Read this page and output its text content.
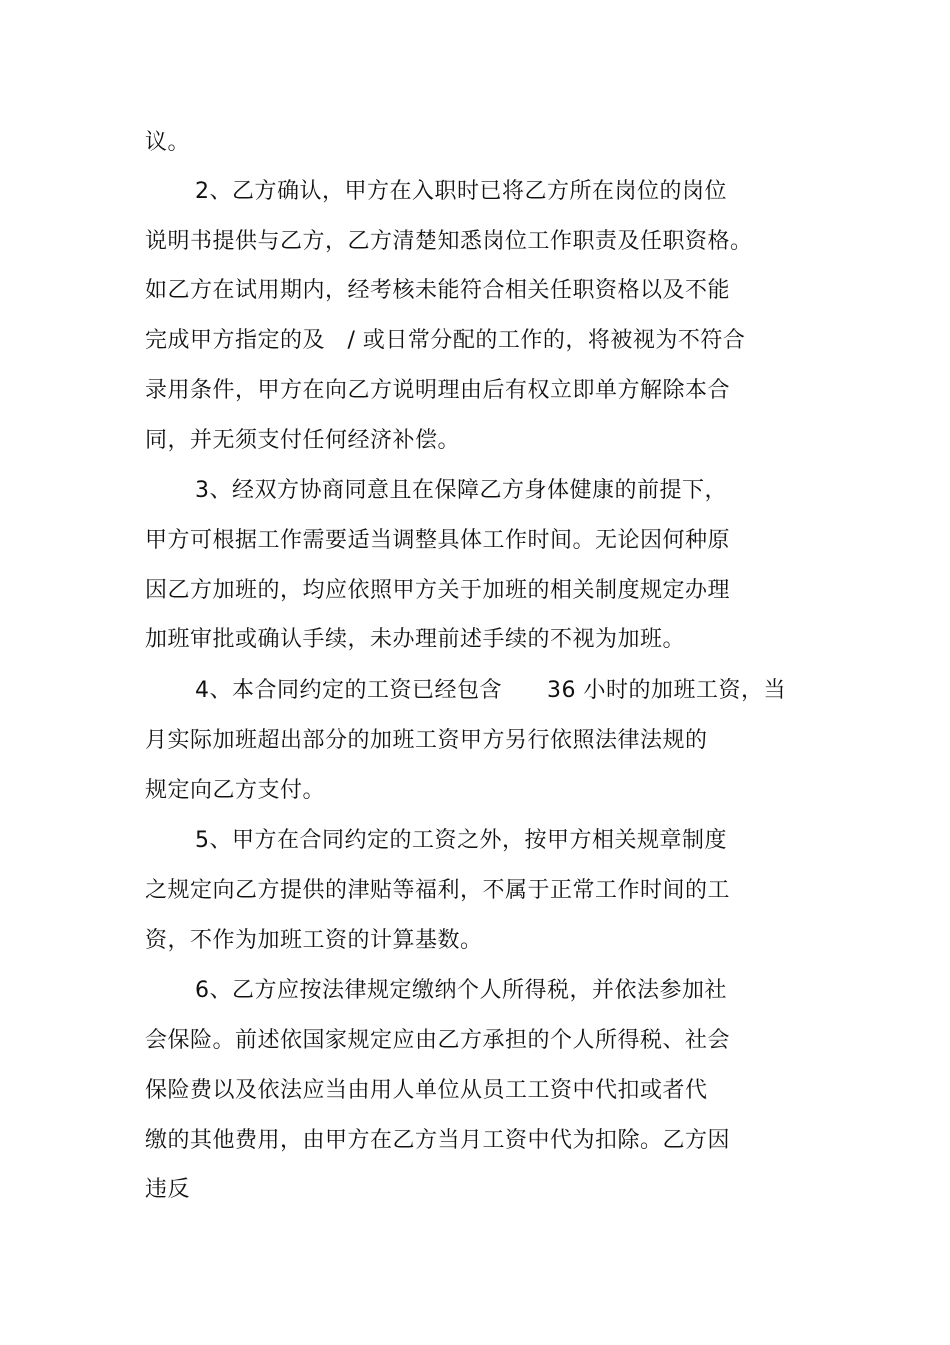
议。
2、乙方确认，甲方在入职时已将乙方所在岗位的岗位
说明书提供与乙方，乙方清楚知悉岗位工作职责及任职资格。
如乙方在试用期内，经考核未能符合相关任职资格以及不能
完成甲方指定的及　/ 或日常分配的工作的，将被视为不符合
录用条件，甲方在向乙方说明理由后有权立即单方解除本合
同，并无须支付任何经济补偿。
3、经双方协商同意且在保障乙方身体健康的前提下，
甲方可根据工作需要适当调整具体工作时间。无论因何种原
因乙方加班的，均应依照甲方关于加班的相关制度规定办理
加班审批或确认手续，未办理前述手续的不视为加班。
4、本合同约定的工资已经包含　　36 小时的加班工资，当
月实际加班超出部分的加班工资甲方另行依照法律法规的
规定向乙方支付。
5、甲方在合同约定的工资之外，按甲方相关规章制度
之规定向乙方提供的津贴等福利，不属于正常工作时间的工
资，不作为加班工资的计算基数。
6、乙方应按法律规定缴纳个人所得税，并依法参加社
会保险。前述依国家规定应由乙方承担的个人所得税、社会
保险费以及依法应当由用人单位从员工工资中代扣或者代
缴的其他费用，由甲方在乙方当月工资中代为扣除。乙方因
违反
